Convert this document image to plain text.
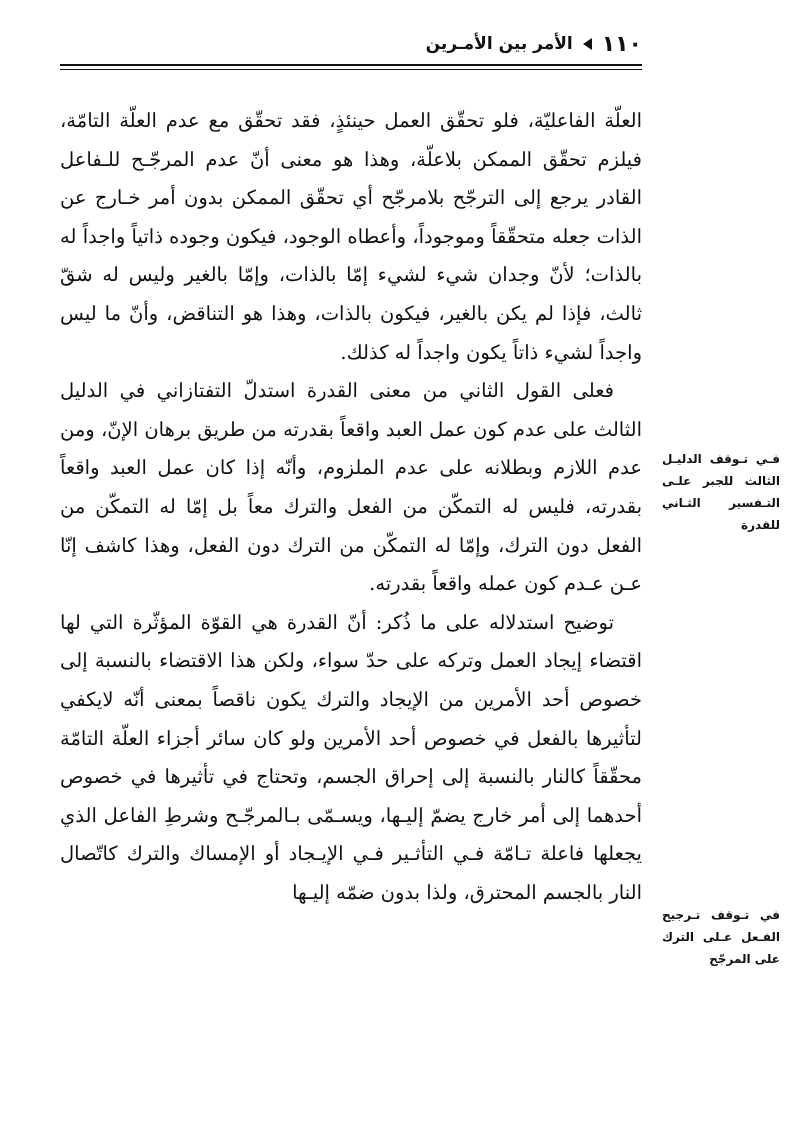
١١٠
الأمر بين الأمـرين

العلّة الفاعليّة، فلو تحقّق العمل حينئذٍ، فقد تحقّق مع عدم العلّة التامّة، فيلزم تحقّق الممكن بلاعلّة، وهذا هو معنى أنّ عدم المرجّـح للـفاعل القادر يرجع إلى الترجّح بلامرجّح أي تحقّق الممكن بدون أمر خـارج عن الذات جعله متحقّقاً وموجوداً، وأعطاه الوجود، فيكون وجوده ذاتياً واجداً له بالذات؛ لأنّ وجدان شيء لشيء إمّا بالذات، وإمّا بالغير وليس له شقّ ثالث، فإذا لم يكن بالغير، فيكون بالذات، وهذا هو التناقض، وأنّ ما ليس واجداً لشيء ذاتاً يكون واجداً له كذلك.

فعلى القول الثاني من معنى القدرة استدلّ التفتازاني في الدليل الثالث على عدم كون عمل العبد واقعاً بقدرته من طريق برهان الإنّ، ومن عدم اللازم وبطلانه على عدم الملزوم، وأنّه إذا كان عمل العبد واقعاً بقدرته، فليس له التمكّن من الفعل والترك معاً بل إمّا له التمكّن من الفعل دون الترك، وإمّا له التمكّن من الترك دون الفعل، وهذا كاشف إنّا عـن عـدم كون عمله واقعاً بقدرته.

توضيح استدلاله على ما ذُكر: أنّ القدرة هي القوّة المؤثّرة التي لها اقتضاء إيجاد العمل وتركه على حدّ سواء، ولكن هذا الاقتضاء بالنسبة إلى خصوص أحد الأمرين من الإيجاد والترك يكون ناقصاً بمعنى أنّه لايكفي لتأثيرها بالفعل في خصوص أحد الأمرين ولو كان سائر أجزاء العلّة التامّة محقّقاً كالنار بالنسبة إلى إحراق الجسم، وتحتاج في تأثيرها في خصوص أحدهما إلى أمر خارج يضمّ إليـها، ويسـمّى بـالمرجّـح وشرطِ الفاعل الذي يجعلها فاعلة تـامّة فـي التأثـير فـي الإيـجاد أو الإمساك والترك كاتّصال النار بالجسم المحترق، ولذا بدون ضمّه إليـها

فـي تـوقف الدليـل الثالث للجبر علـى التـفسير الثـاني للقدرة
في تـوقف تـرجيح الفـعل عـلى الترك على المرجّح
